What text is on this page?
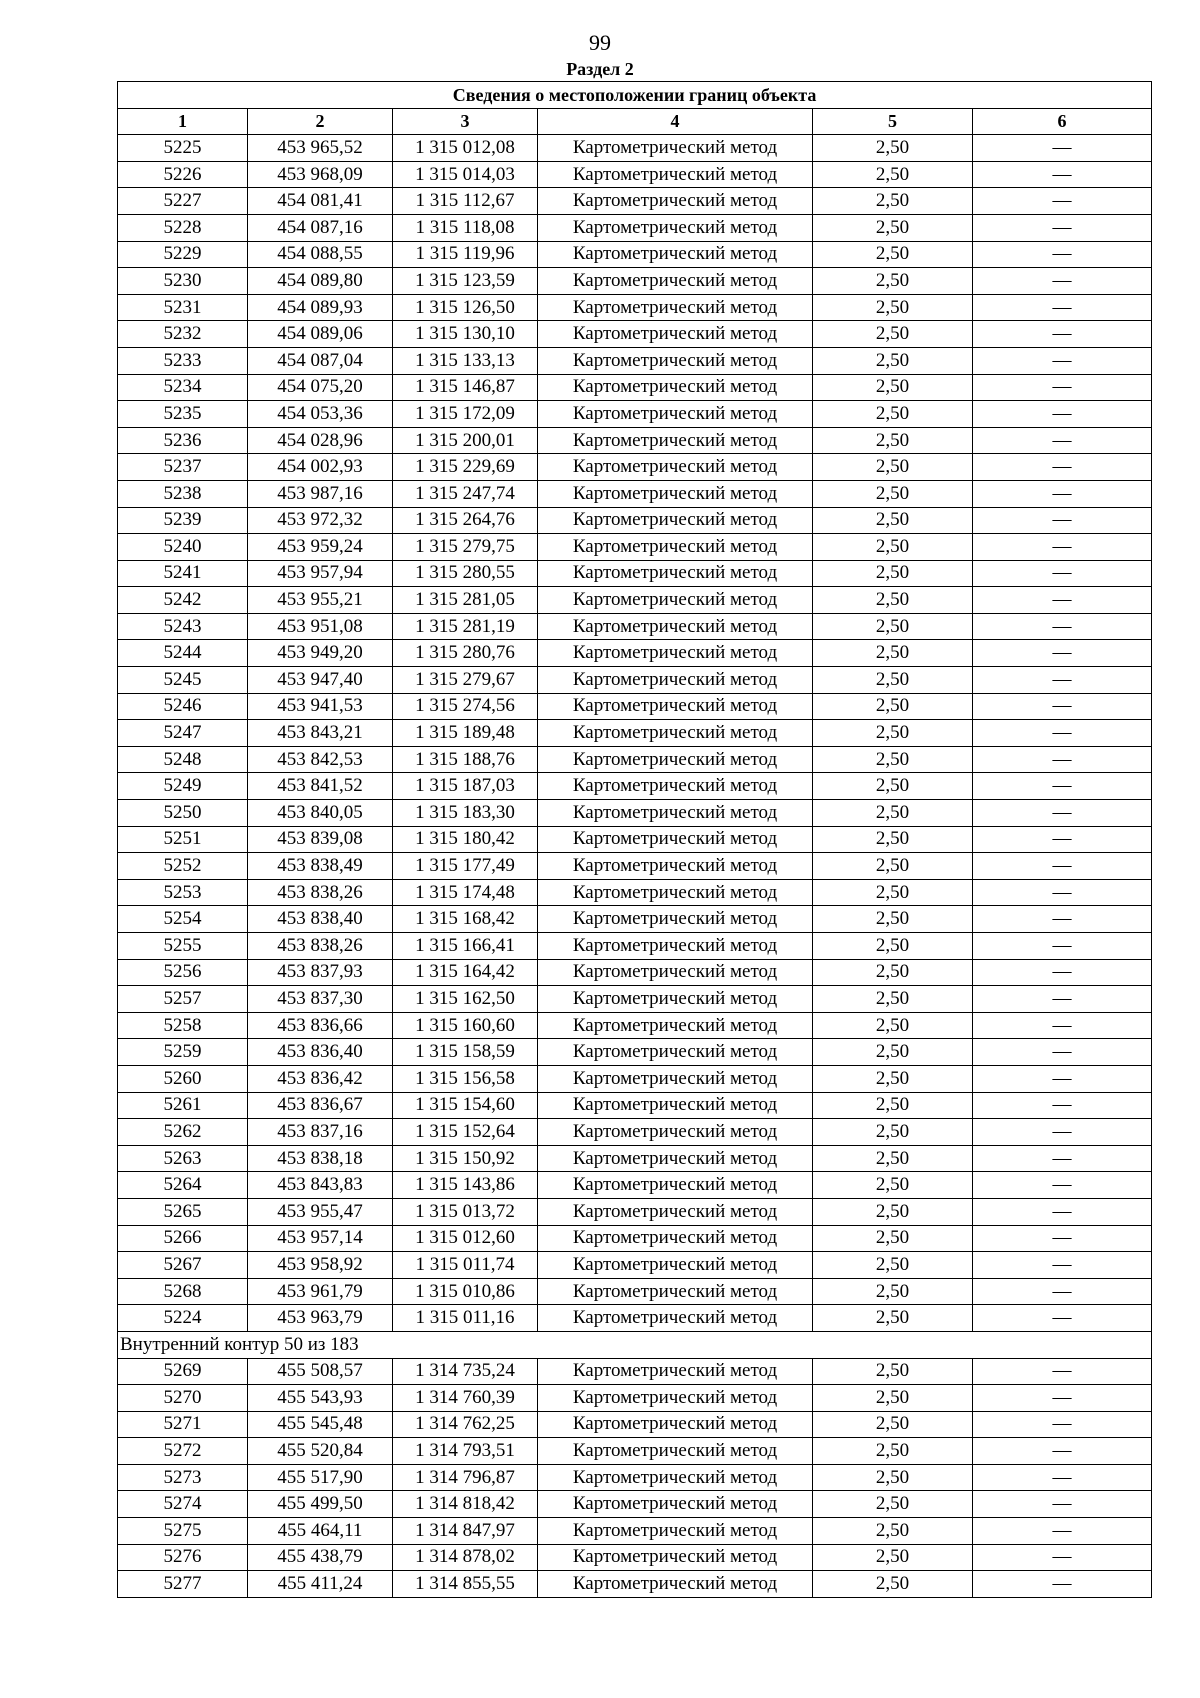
99
Раздел 2
Сведения о местоположении границ объекта					
1	2	3	4	5	6
5225	453 965,52	1 315 012,08	Картометрический метод	2,50	—
5226	453 968,09	1 315 014,03	Картометрический метод	2,50	—
5227	454 081,41	1 315 112,67	Картометрический метод	2,50	—
5228	454 087,16	1 315 118,08	Картометрический метод	2,50	—
5229	454 088,55	1 315 119,96	Картометрический метод	2,50	—
5230	454 089,80	1 315 123,59	Картометрический метод	2,50	—
5231	454 089,93	1 315 126,50	Картометрический метод	2,50	—
5232	454 089,06	1 315 130,10	Картометрический метод	2,50	—
5233	454 087,04	1 315 133,13	Картометрический метод	2,50	—
5234	454 075,20	1 315 146,87	Картометрический метод	2,50	—
5235	454 053,36	1 315 172,09	Картометрический метод	2,50	—
5236	454 028,96	1 315 200,01	Картометрический метод	2,50	—
5237	454 002,93	1 315 229,69	Картометрический метод	2,50	—
5238	453 987,16	1 315 247,74	Картометрический метод	2,50	—
5239	453 972,32	1 315 264,76	Картометрический метод	2,50	—
5240	453 959,24	1 315 279,75	Картометрический метод	2,50	—
5241	453 957,94	1 315 280,55	Картометрический метод	2,50	—
5242	453 955,21	1 315 281,05	Картометрический метод	2,50	—
5243	453 951,08	1 315 281,19	Картометрический метод	2,50	—
5244	453 949,20	1 315 280,76	Картометрический метод	2,50	—
5245	453 947,40	1 315 279,67	Картометрический метод	2,50	—
5246	453 941,53	1 315 274,56	Картометрический метод	2,50	—
5247	453 843,21	1 315 189,48	Картометрический метод	2,50	—
5248	453 842,53	1 315 188,76	Картометрический метод	2,50	—
5249	453 841,52	1 315 187,03	Картометрический метод	2,50	—
5250	453 840,05	1 315 183,30	Картометрический метод	2,50	—
5251	453 839,08	1 315 180,42	Картометрический метод	2,50	—
5252	453 838,49	1 315 177,49	Картометрический метод	2,50	—
5253	453 838,26	1 315 174,48	Картометрический метод	2,50	—
5254	453 838,40	1 315 168,42	Картометрический метод	2,50	—
5255	453 838,26	1 315 166,41	Картометрический метод	2,50	—
5256	453 837,93	1 315 164,42	Картометрический метод	2,50	—
5257	453 837,30	1 315 162,50	Картометрический метод	2,50	—
5258	453 836,66	1 315 160,60	Картометрический метод	2,50	—
5259	453 836,40	1 315 158,59	Картометрический метод	2,50	—
5260	453 836,42	1 315 156,58	Картометрический метод	2,50	—
5261	453 836,67	1 315 154,60	Картометрический метод	2,50	—
5262	453 837,16	1 315 152,64	Картометрический метод	2,50	—
5263	453 838,18	1 315 150,92	Картометрический метод	2,50	—
5264	453 843,83	1 315 143,86	Картометрический метод	2,50	—
5265	453 955,47	1 315 013,72	Картометрический метод	2,50	—
5266	453 957,14	1 315 012,60	Картометрический метод	2,50	—
5267	453 958,92	1 315 011,74	Картометрический метод	2,50	—
5268	453 961,79	1 315 010,86	Картометрический метод	2,50	—
5224	453 963,79	1 315 011,16	Картометрический метод	2,50	—
Внутренний контур 50 из 183					
5269	455 508,57	1 314 735,24	Картометрический метод	2,50	—
5270	455 543,93	1 314 760,39	Картометрический метод	2,50	—
5271	455 545,48	1 314 762,25	Картометрический метод	2,50	—
5272	455 520,84	1 314 793,51	Картометрический метод	2,50	—
5273	455 517,90	1 314 796,87	Картометрический метод	2,50	—
5274	455 499,50	1 314 818,42	Картометрический метод	2,50	—
5275	455 464,11	1 314 847,97	Картометрический метод	2,50	—
5276	455 438,79	1 314 878,02	Картометрический метод	2,50	—
5277	455 411,24	1 314 855,55	Картометрический метод	2,50	—
